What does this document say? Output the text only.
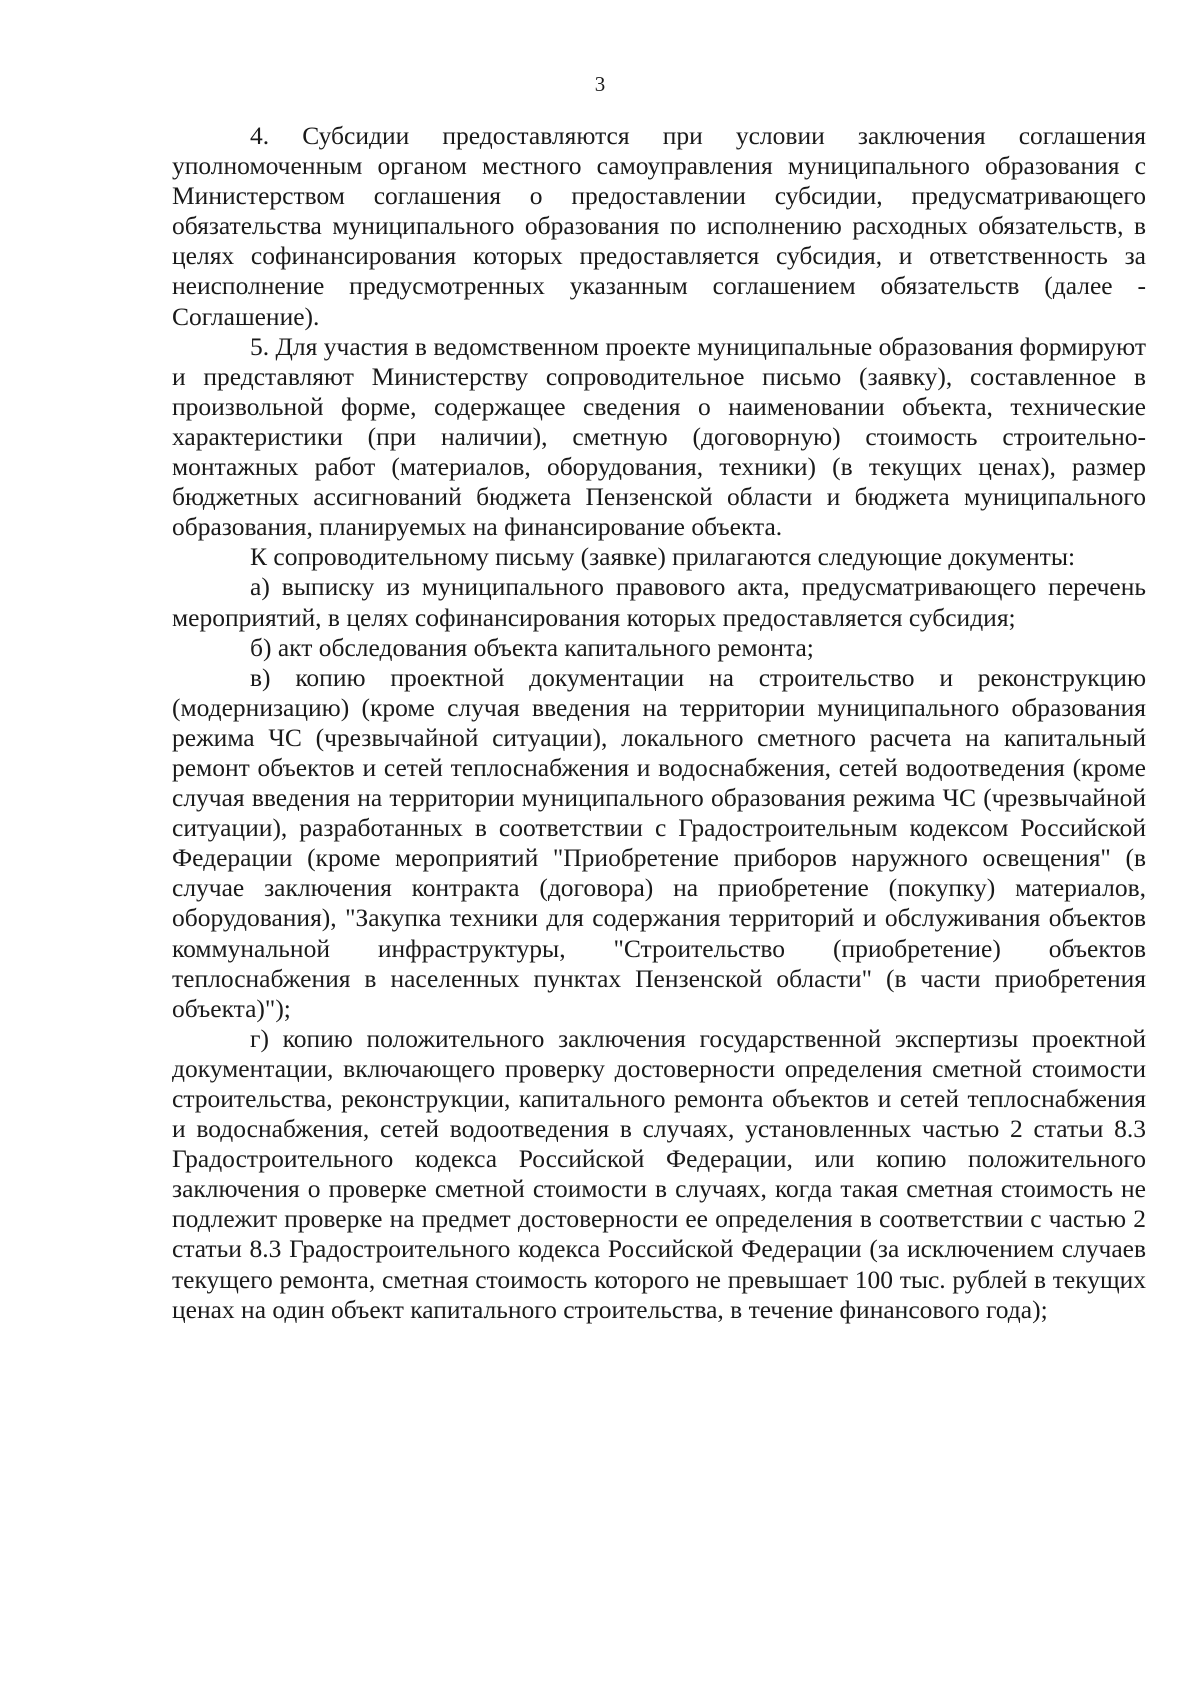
3

4. Субсидии предоставляются при условии заключения соглашения уполномоченным органом местного самоуправления муниципального образования с Министерством соглашения о предоставлении субсидии, предусматривающего обязательства муниципального образования по исполнению расходных обязательств, в целях софинансирования которых предоставляется субсидия, и ответственность за неисполнение предусмотренных указанным соглашением обязательств (далее - Соглашение).

5. Для участия в ведомственном проекте муниципальные образования формируют и представляют Министерству сопроводительное письмо (заявку), составленное в произвольной форме, содержащее сведения о наименовании объекта, технические характеристики (при наличии), сметную (договорную) стоимость строительно-монтажных работ (материалов, оборудования, техники) (в текущих ценах), размер бюджетных ассигнований бюджета Пензенской области и бюджета муниципального образования, планируемых на финансирование объекта.

К сопроводительному письму (заявке) прилагаются следующие документы:

а) выписку из муниципального правового акта, предусматривающего перечень мероприятий, в целях софинансирования которых предоставляется субсидия;

б) акт обследования объекта капитального ремонта;

в) копию проектной документации на строительство и реконструкцию (модернизацию) (кроме случая введения на территории муниципального образования режима ЧС (чрезвычайной ситуации), локального сметного расчета на капитальный ремонт объектов и сетей теплоснабжения и водоснабжения, сетей водоотведения (кроме случая введения на территории муниципального образования режима ЧС (чрезвычайной ситуации), разработанных в соответствии с Градостроительным кодексом Российской Федерации (кроме мероприятий "Приобретение приборов наружного освещения" (в случае заключения контракта (договора) на приобретение (покупку) материалов, оборудования), "Закупка техники для содержания территорий и обслуживания объектов коммунальной инфраструктуры, "Строительство (приобретение) объектов теплоснабжения в населенных пунктах Пензенской области" (в части приобретения объекта)");

г) копию положительного заключения государственной экспертизы проектной документации, включающего проверку достоверности определения сметной стоимости строительства, реконструкции, капитального ремонта объектов и сетей теплоснабжения и водоснабжения, сетей водоотведения в случаях, установленных частью 2 статьи 8.3 Градостроительного кодекса Российской Федерации, или копию положительного заключения о проверке сметной стоимости в случаях, когда такая сметная стоимость не подлежит проверке на предмет достоверности ее определения в соответствии с частью 2 статьи 8.3 Градостроительного кодекса Российской Федерации (за исключением случаев текущего ремонта, сметная стоимость которого не превышает 100 тыс. рублей в текущих ценах на один объект капитального строительства, в течение финансового года);
